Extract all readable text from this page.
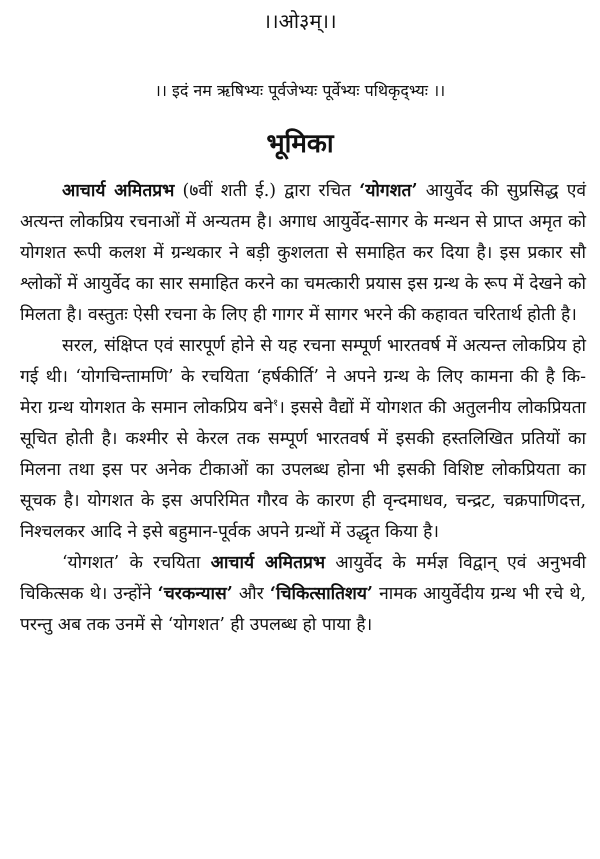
।।ओ३म्।।
।। इदं नम ऋषिभ्यः पूर्वजेभ्यः पूर्वेभ्यः पथिकृद्भ्यः ।।
भूमिका

आचार्य अमितप्रभ (७वीं शती ई.) द्वारा रचित ‘योगशत’ आयुर्वेद की सुप्रसिद्ध एवं अत्यन्त लोकप्रिय रचनाओं में अन्यतम है। अगाध आयुर्वेद-सागर के मन्थन से प्राप्त अमृत को योगशत रूपी कलश में ग्रन्थकार ने बड़ी कुशलता से समाहित कर दिया है। इस प्रकार सौ श्लोकों में आयुर्वेद का सार समाहित करने का चमत्कारी प्रयास इस ग्रन्थ के रूप में देखने को मिलता है। वस्तुतः ऐसी रचना के लिए ही गागर में सागर भरने की कहावत चरितार्थ होती है।

सरल, संक्षिप्त एवं सारपूर्ण होने से यह रचना सम्पूर्ण भारतवर्ष में अत्यन्त लोकप्रिय हो गई थी। ‘योगचिन्तामणि’ के रचयिता ‘हर्षकीर्ति’ ने अपने ग्रन्थ के लिए कामना की है कि- मेरा ग्रन्थ योगशत के समान लोकप्रिय बने$^१$। इससे वैद्यों में योगशत की अतुलनीय लोकप्रियता सूचित होती है। कश्मीर से केरल तक सम्पूर्ण भारतवर्ष में इसकी हस्तलिखित प्रतियों का मिलना तथा इस पर अनेक टीकाओं का उपलब्ध होना भी इसकी विशिष्ट लोकप्रियता का सूचक है। योगशत के इस अपरिमित गौरव के कारण ही वृन्दमाधव, चन्द्रट, चक्रपाणिदत्त, निश्चलकर आदि ने इसे बहुमान-पूर्वक अपने ग्रन्थों में उद्धृत किया है।

‘योगशत’ के रचयिता आचार्य अमितप्रभ आयुर्वेद के मर्मज्ञ विद्वान् एवं अनुभवी चिकित्सक थे। उन्होंने ‘चरकन्यास’ और ‘चिकित्सातिशय’ नामक आयुर्वेदीय ग्रन्थ भी रचे थे, परन्तु अब तक उनमें से ‘योगशत’ ही उपलब्ध हो पाया है।
